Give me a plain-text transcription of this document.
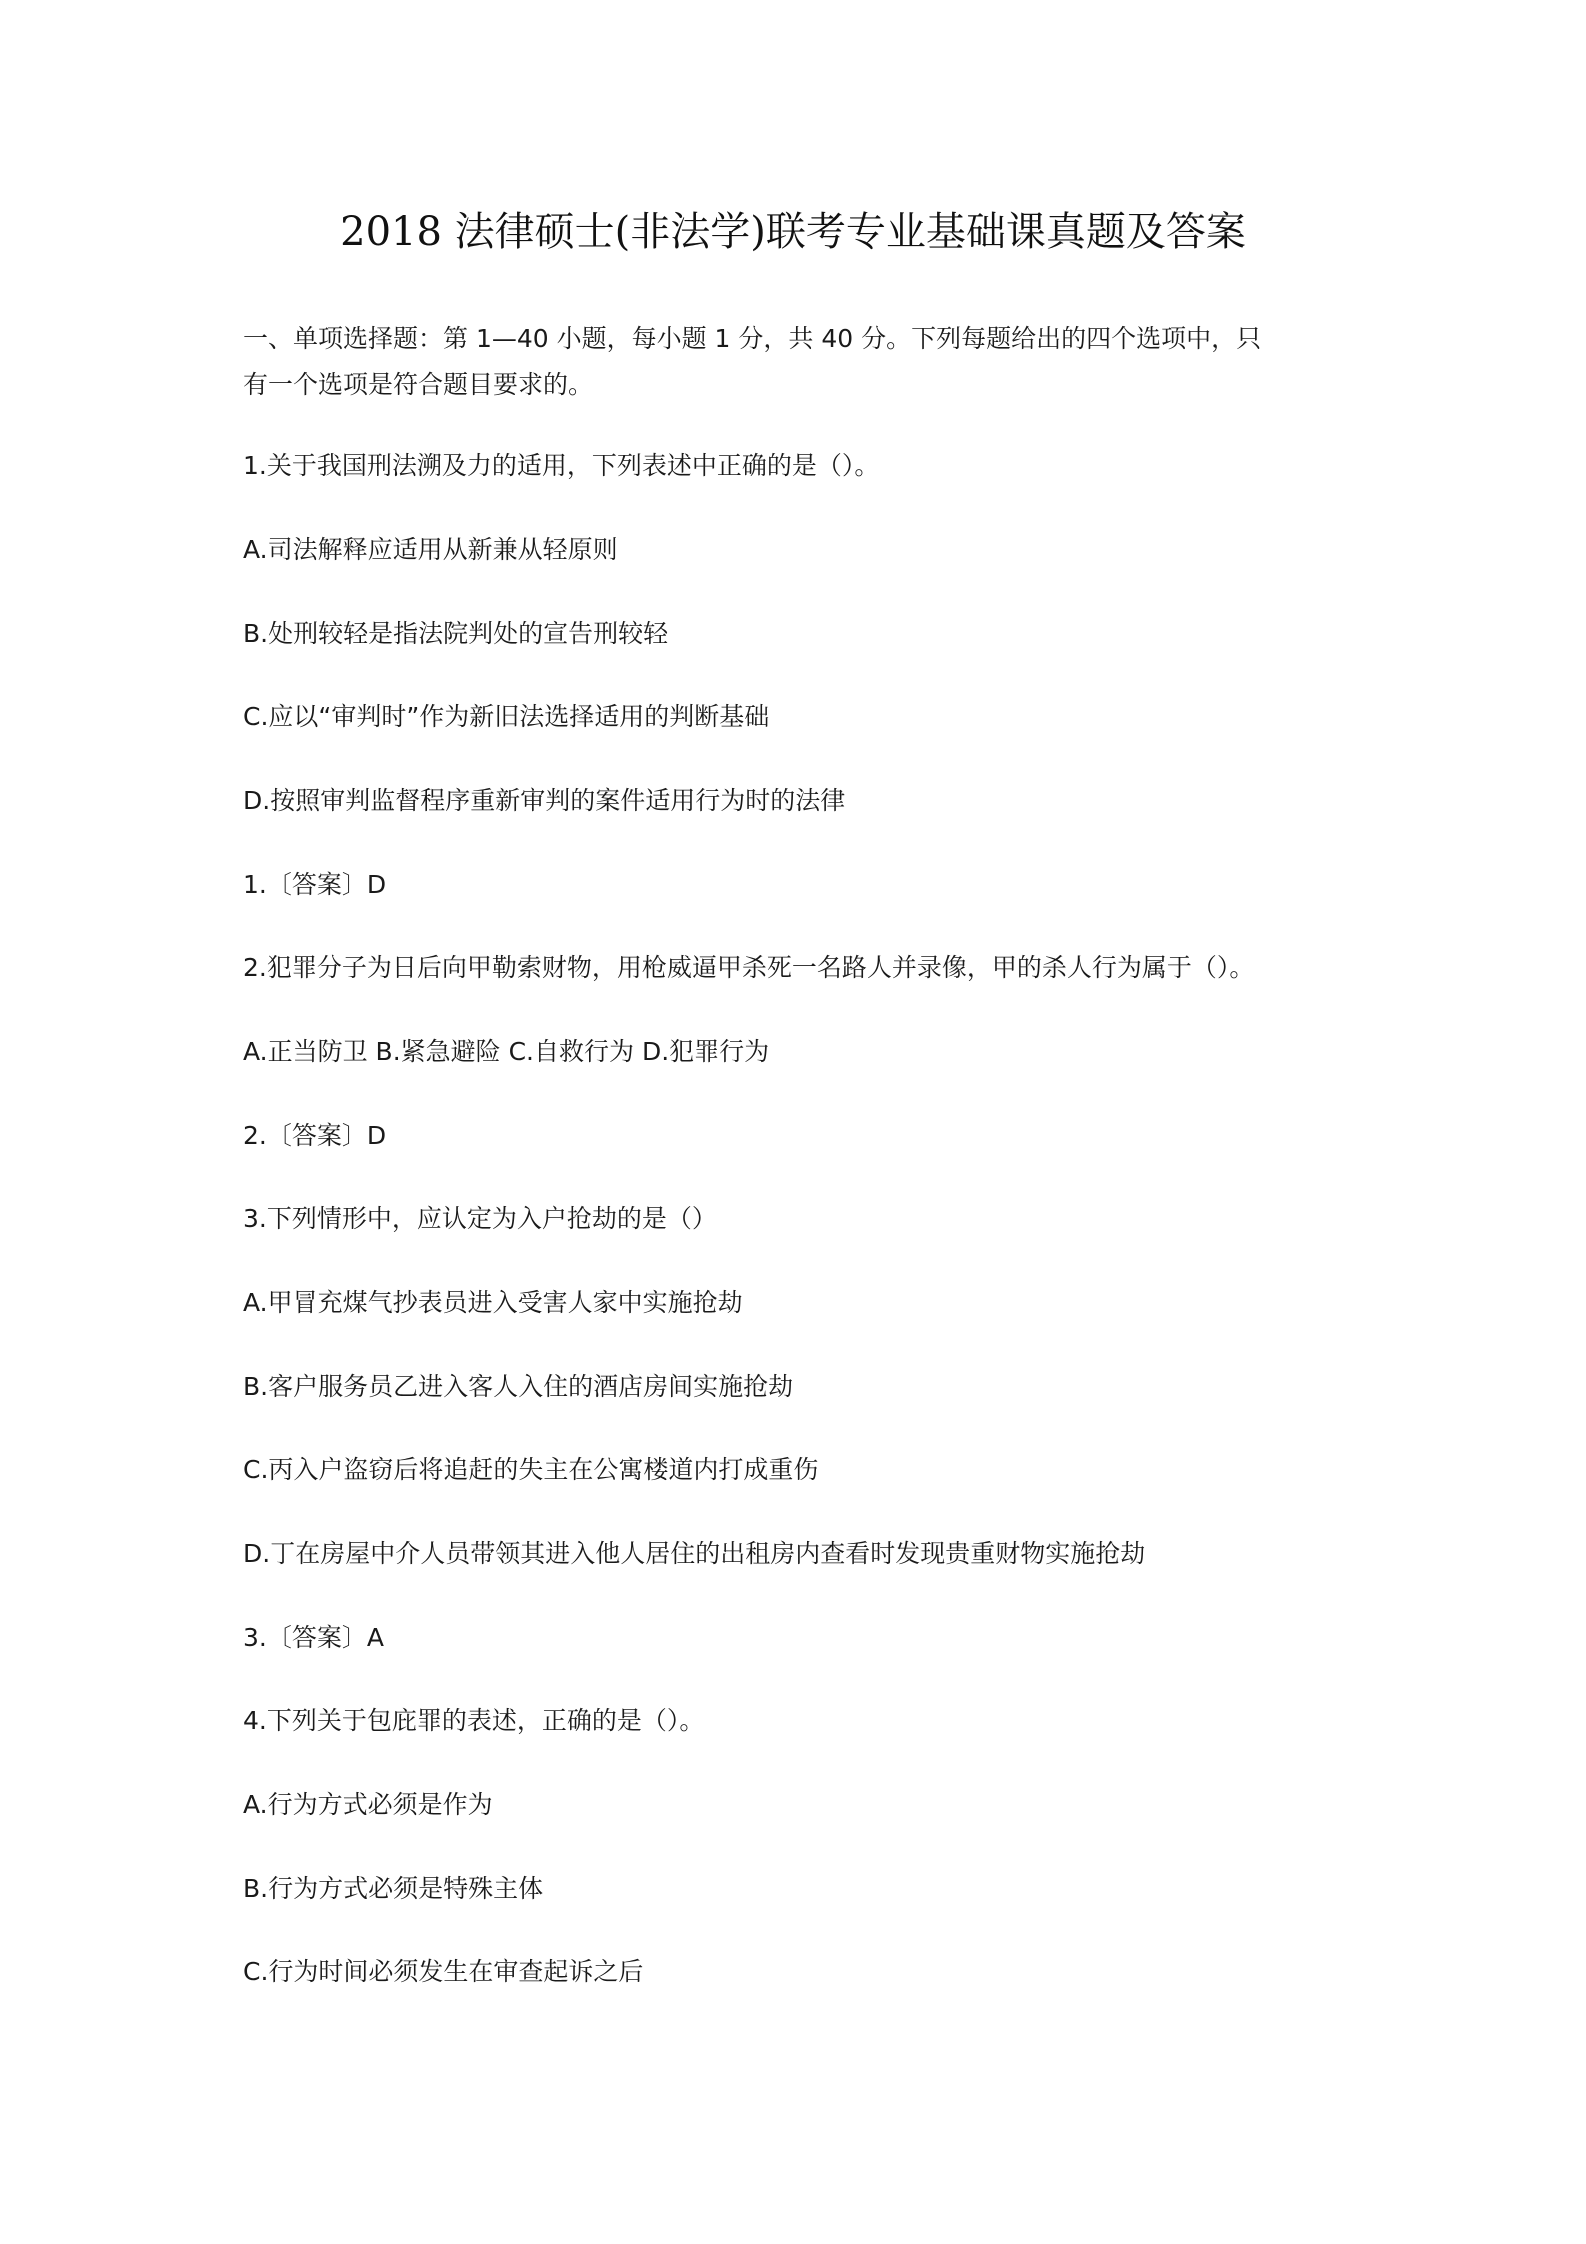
2018 法律硕士(非法学)联考专业基础课真题及答案
一、单项选择题：第 1—40 小题，每小题 1 分，共 40 分。下列每题给出的四个选项中，只
有一个选项是符合题目要求的。

1.关于我国刑法溯及力的适用，下列表述中正确的是（）。

A.司法解释应适用从新兼从轻原则

B.处刑较轻是指法院判处的宣告刑较轻

C.应以“审判时”作为新旧法选择适用的判断基础

D.按照审判监督程序重新审判的案件适用行为时的法律

1.〔答案〕D

2.犯罪分子为日后向甲勒索财物，用枪威逼甲杀死一名路人并录像，甲的杀人行为属于（）。

A.正当防卫 B.紧急避险 C.自救行为 D.犯罪行为

2.〔答案〕D

3.下列情形中，应认定为入户抢劫的是（）

A.甲冒充煤气抄表员进入受害人家中实施抢劫

B.客户服务员乙进入客人入住的酒店房间实施抢劫

C.丙入户盗窃后将追赶的失主在公寓楼道内打成重伤

D.丁在房屋中介人员带领其进入他人居住的出租房内查看时发现贵重财物实施抢劫

3.〔答案〕A

4.下列关于包庇罪的表述，正确的是（）。

A.行为方式必须是作为

B.行为方式必须是特殊主体

C.行为时间必须发生在审查起诉之后
